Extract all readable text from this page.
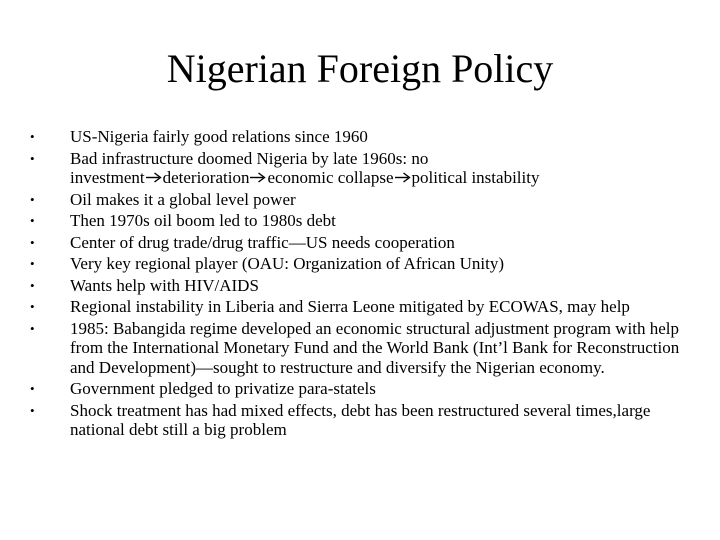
Nigerian Foreign Policy
•	US-Nigeria fairly good relations since 1960
•	Bad infrastructure doomed Nigeria by late 1960s: no
investment deterioration economic collapse political instability
•	Oil makes it a global level power
•	Then 1970s oil boom led to 1980s debt
•	Center of drug trade/drug traffic—US needs cooperation
•	Very key regional player (OAU: Organization of African Unity)
•	Wants help with HIV/AIDS
•	Regional instability in Liberia and Sierra Leone mitigated by ECOWAS, may help
•	1985: Babangida regime developed an economic structural adjustment program with help from the International Monetary Fund and the World Bank (Int’l Bank for Reconstruction and Development)—sought to restructure and diversify the Nigerian economy.
•	Government pledged to privatize para-statels
•	Shock treatment has had mixed effects, debt has been restructured several times,large national debt still a big problem
